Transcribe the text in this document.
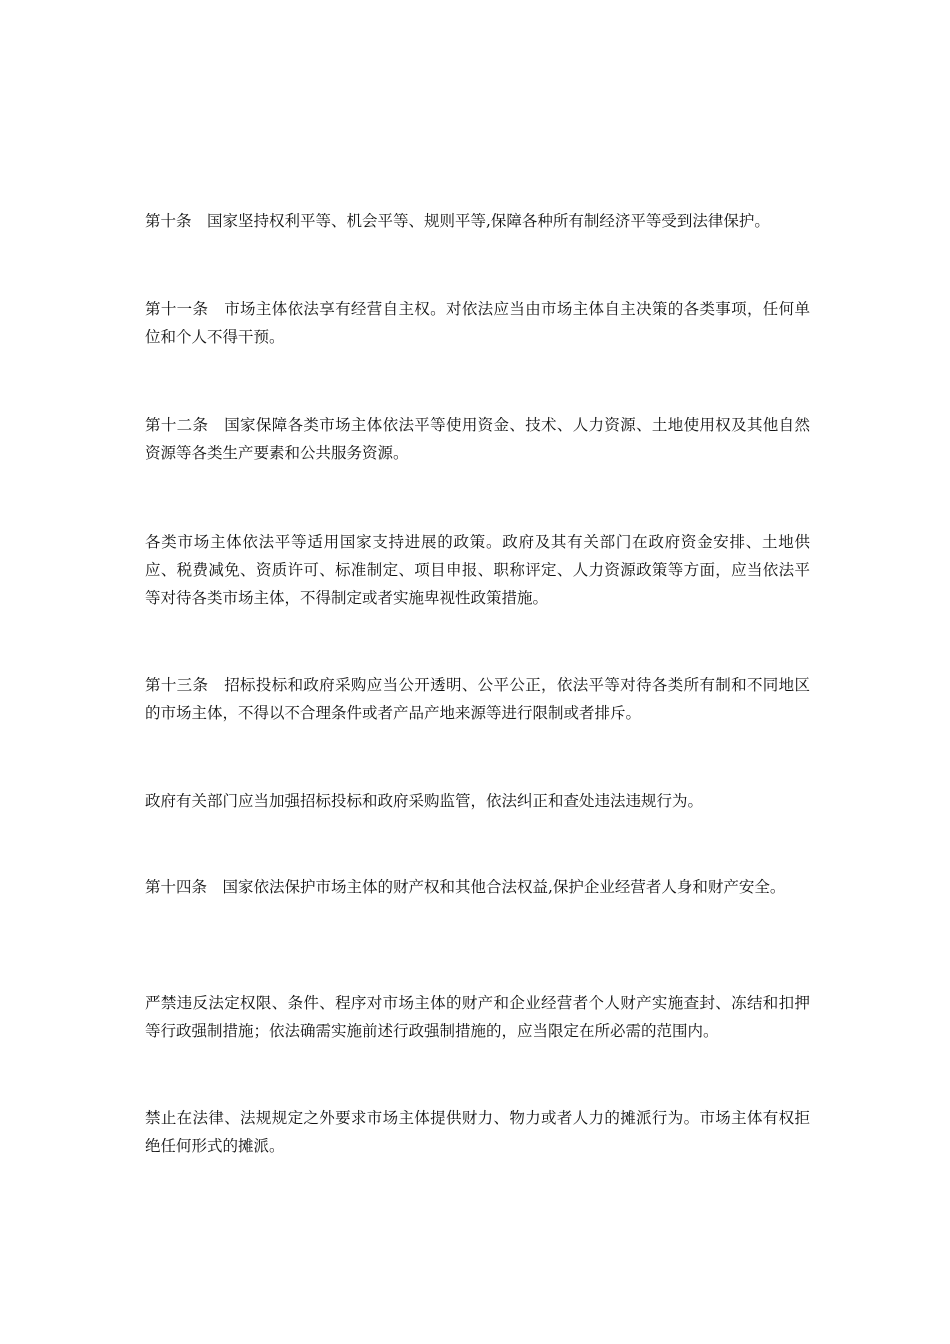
第十条　国家坚持权利平等、机会平等、规则平等,保障各种所有制经济平等受到法律保护。

第十一条　市场主体依法享有经营自主权。对依法应当由市场主体自主决策的各类事项，任何单位和个人不得干预。

第十二条　国家保障各类市场主体依法平等使用资金、技术、人力资源、土地使用权及其他自然资源等各类生产要素和公共服务资源。

各类市场主体依法平等适用国家支持进展的政策。政府及其有关部门在政府资金安排、土地供应、税费减免、资质许可、标准制定、项目申报、职称评定、人力资源政策等方面，应当依法平等对待各类市场主体，不得制定或者实施卑视性政策措施。

第十三条　招标投标和政府采购应当公开透明、公平公正，依法平等对待各类所有制和不同地区的市场主体，不得以不合理条件或者产品产地来源等进行限制或者排斥。

政府有关部门应当加强招标投标和政府采购监管，依法纠正和查处违法违规行为。

第十四条　国家依法保护市场主体的财产权和其他合法权益,保护企业经营者人身和财产安全。

严禁违反法定权限、条件、程序对市场主体的财产和企业经营者个人财产实施查封、冻结和扣押等行政强制措施；依法确需实施前述行政强制措施的，应当限定在所必需的范围内。

禁止在法律、法规规定之外要求市场主体提供财力、物力或者人力的摊派行为。市场主体有权拒绝任何形式的摊派。
